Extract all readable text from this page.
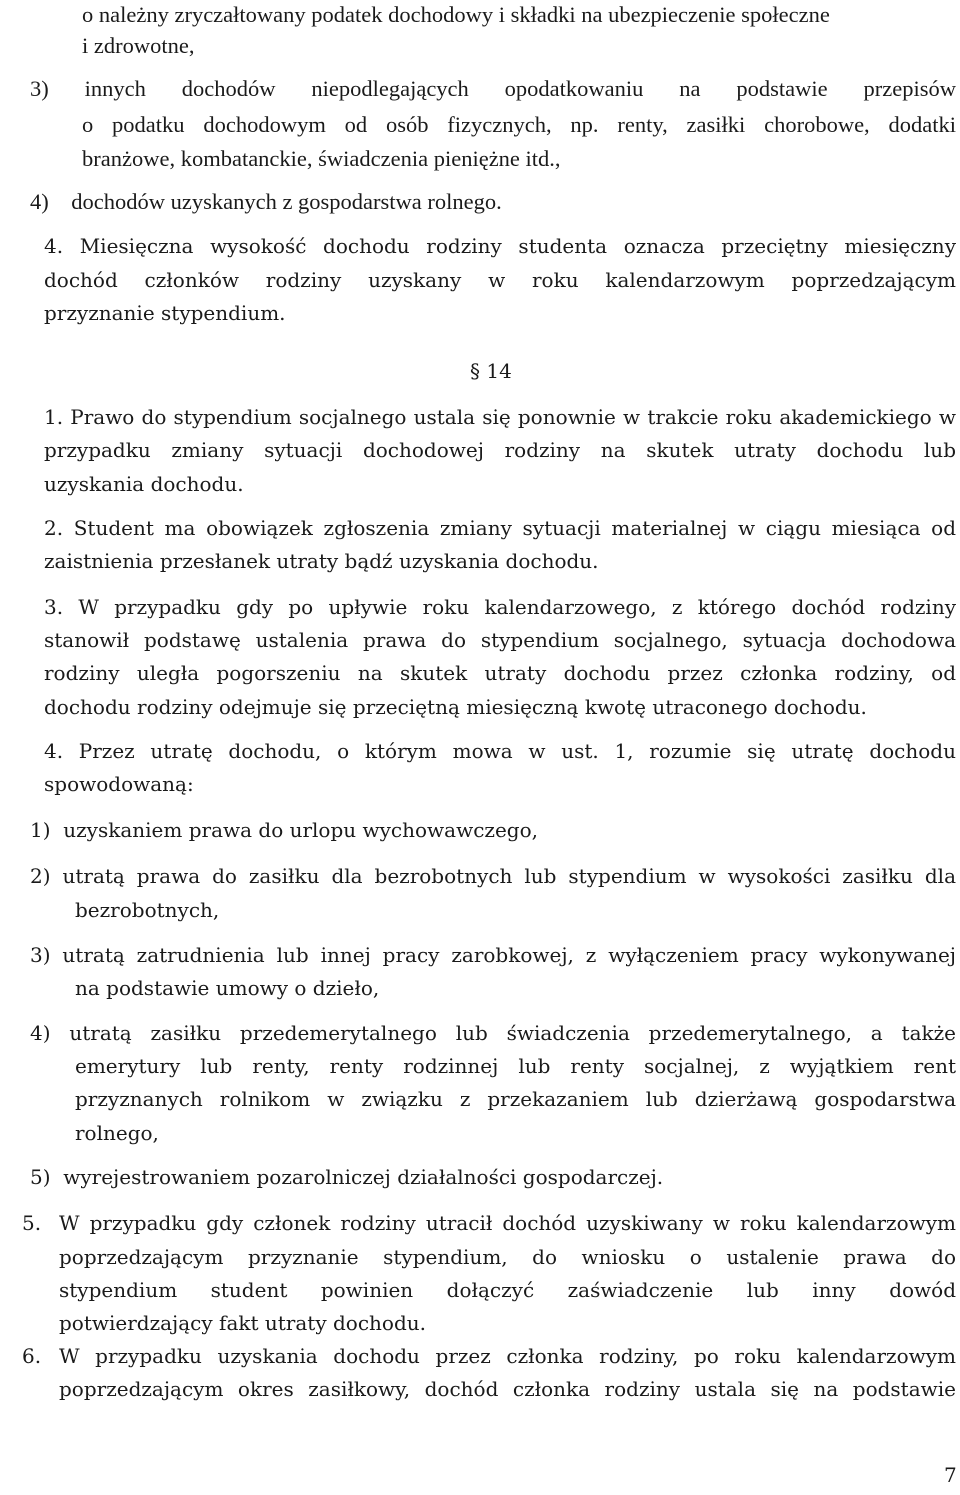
o należny zryczałtowany podatek dochodowy i składki na ubezpieczenie społeczne
i zdrowotne,
3) innych dochodów niepodlegających opodatkowaniu na podstawie przepisów
o podatku dochodowym od osób fizycznych, np. renty, zasiłki chorobowe, dodatki
branżowe, kombatanckie, świadczenia pieniężne itd.,
4)    dochodów uzyskanych z gospodarstwa rolnego.
4. Miesięczna wysokość dochodu rodziny studenta oznacza przeciętny miesięczny
dochód członków rodziny uzyskany w roku kalendarzowym poprzedzającym
przyznanie stypendium.
§ 14
1. Prawo do stypendium socjalnego ustala się ponownie w trakcie roku akademickiego w
przypadku zmiany sytuacji dochodowej rodziny na skutek utraty dochodu lub
uzyskania dochodu.
2. Student ma obowiązek zgłoszenia zmiany sytuacji materialnej w ciągu miesiąca od
zaistnienia przesłanek utraty bądź uzyskania dochodu.
3. W przypadku gdy po upływie roku kalendarzowego, z którego dochód rodziny
stanowił podstawę ustalenia prawa do stypendium socjalnego, sytuacja dochodowa
rodziny uległa pogorszeniu na skutek utraty dochodu przez członka rodziny, od
dochodu rodziny odejmuje się przeciętną miesięczną kwotę utraconego dochodu.
4. Przez utratę dochodu, o którym mowa w ust. 1, rozumie się utratę dochodu
spowodowaną:
1)  uzyskaniem prawa do urlopu wychowawczego,
2) utratą prawa do zasiłku dla bezrobotnych lub stypendium w wysokości zasiłku dla
bezrobotnych,
3) utratą zatrudnienia lub innej pracy zarobkowej, z wyłączeniem pracy wykonywanej
na podstawie umowy o dzieło,
4) utratą zasiłku przedemerytalnego lub świadczenia przedemerytalnego, a także
emerytury lub renty, renty rodzinnej lub renty socjalnej, z wyjątkiem rent
przyznanych rolnikom w związku z przekazaniem lub dzierżawą gospodarstwa
rolnego,
5)  wyrejestrowaniem pozarolniczej działalności gospodarczej.
5. W przypadku gdy członek rodziny utracił dochód uzyskiwany w roku kalendarzowym
poprzedzającym przyznanie stypendium, do wniosku o ustalenie prawa do
stypendium student powinien dołączyć zaświadczenie lub inny dowód
potwierdzający fakt utraty dochodu.
6. W przypadku uzyskania dochodu przez członka rodziny, po roku kalendarzowym
poprzedzającym okres zasiłkowy, dochód członka rodziny ustala się na podstawie
7
